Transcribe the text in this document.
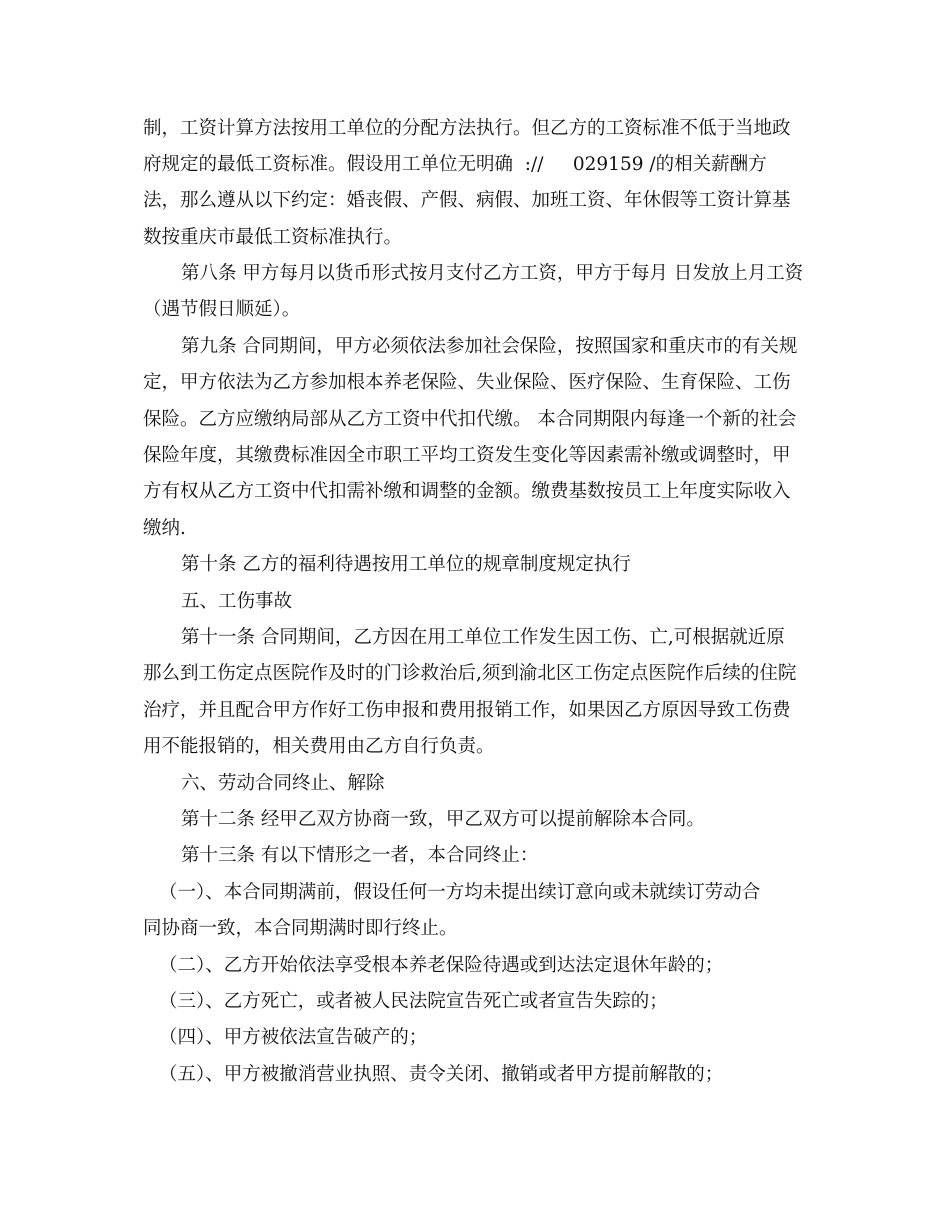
制，工资计算方法按用工单位的分配方法执行。但乙方的工资标准不低于当地政
府规定的最低工资标准。假设用工单位无明确  ://     029159 /的相关薪酬方
法，那么遵从以下约定：婚丧假、产假、病假、加班工资、年休假等工资计算基
数按重庆市最低工资标准执行。
第八条 甲方每月以货币形式按月支付乙方工资，甲方于每月 日发放上月工资
（遇节假日顺延）。
第九条 合同期间，甲方必须依法参加社会保险，按照国家和重庆市的有关规
定，甲方依法为乙方参加根本养老保险、失业保险、医疗保险、生育保险、工伤
保险。乙方应缴纳局部从乙方工资中代扣代缴。 本合同期限内每逢一个新的社会
保险年度，其缴费标准因全市职工平均工资发生变化等因素需补缴或调整时，甲
方有权从乙方工资中代扣需补缴和调整的金额。缴费基数按员工上年度实际收入
缴纳.
第十条 乙方的福利待遇按用工单位的规章制度规定执行
五、工伤事故
第十一条 合同期间，乙方因在用工单位工作发生因工伤、亡,可根据就近原
那么到工伤定点医院作及时的门诊救治后,须到渝北区工伤定点医院作后续的住院
治疗，并且配合甲方作好工伤申报和费用报销工作，如果因乙方原因导致工伤费
用不能报销的，相关费用由乙方自行负责。
六、劳动合同终止、解除
第十二条 经甲乙双方协商一致，甲乙双方可以提前解除本合同。
第十三条 有以下情形之一者，本合同终止：
（一）、本合同期满前，假设任何一方均未提出续订意向或未就续订劳动合
同协商一致，本合同期满时即行终止。
（二）、乙方开始依法享受根本养老保险待遇或到达法定退休年龄的；
（三）、乙方死亡，或者被人民法院宣告死亡或者宣告失踪的；
（四）、甲方被依法宣告破产的；
（五）、甲方被撤消营业执照、责令关闭、撤销或者甲方提前解散的；
